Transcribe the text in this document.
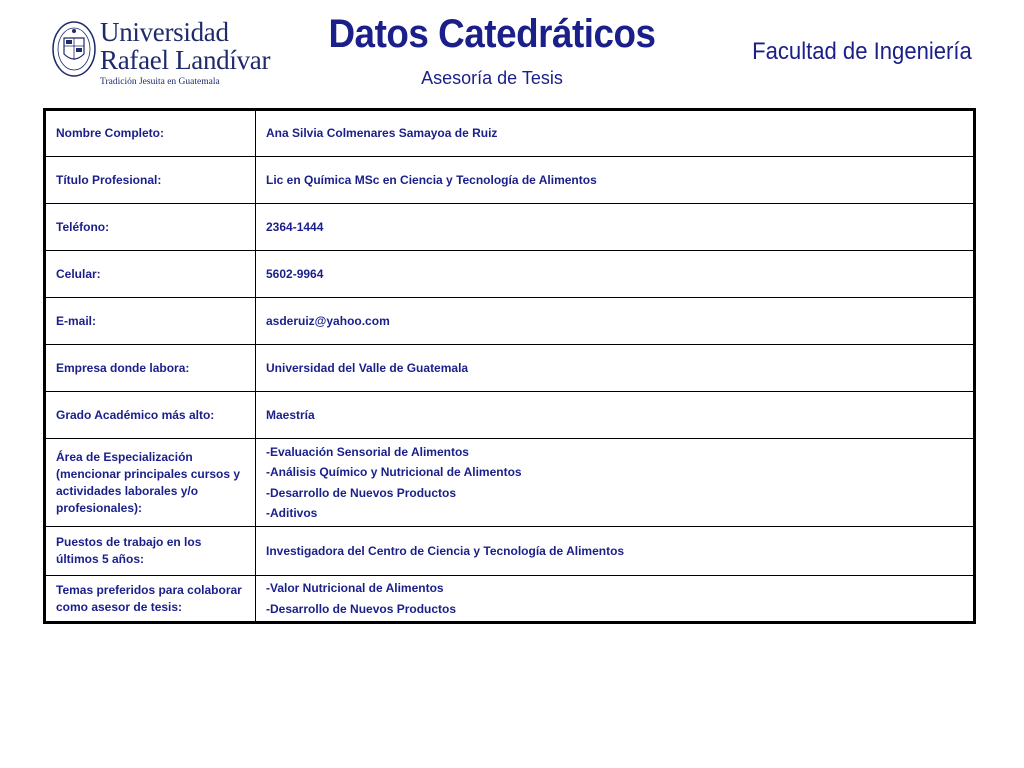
Universidad
Rafael Landívar
Tradición Jesuita en Guatemala
Datos Catedráticos
Asesoría de Tesis
Facultad de Ingeniería
Nombre Completo:	Ana Silvia Colmenares Samayoa de Ruiz
Título Profesional:	Lic en Química MSc en Ciencia y Tecnología de Alimentos
Teléfono:	2364-1444
Celular:	5602-9964
E-mail:	asderuiz@yahoo.com
Empresa donde labora:	Universidad del Valle de Guatemala
Grado Académico más alto:	Maestría
Área de Especialización (mencionar principales cursos y actividades laborales y/o profesionales):	-Evaluación Sensorial de Alimentos
-Análisis Químico y Nutricional de Alimentos
-Desarrollo de Nuevos Productos
-Aditivos

Puestos de trabajo en los últimos 5 años:	Investigadora del Centro de Ciencia y Tecnología de Alimentos
Temas preferidos para colaborar como asesor de tesis:	-Valor Nutricional de Alimentos
-Desarrollo de Nuevos Productos
